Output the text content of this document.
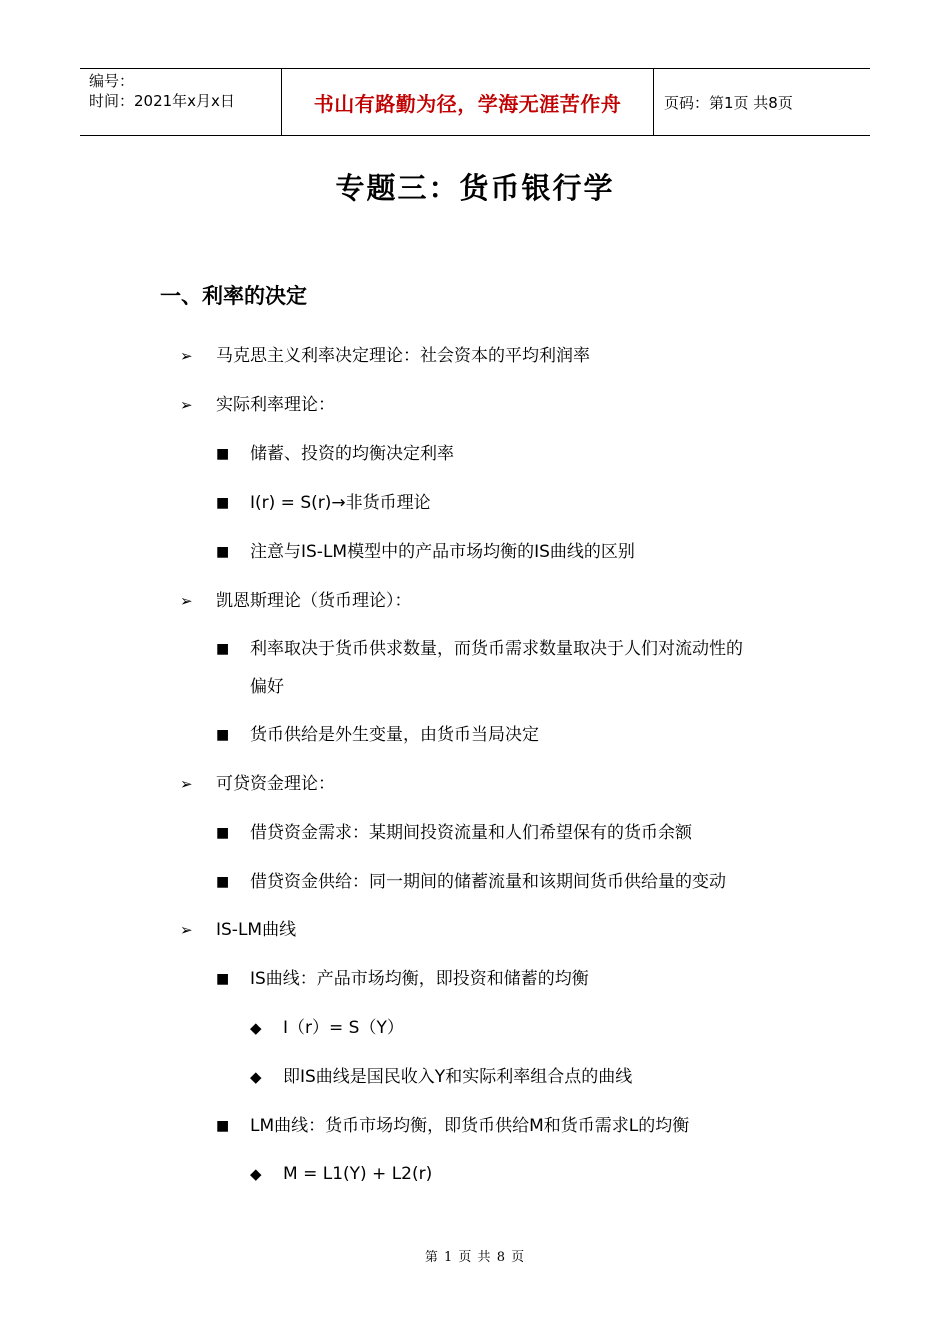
编号：
时间：2021年x月x日	书山有路勤为径，学海无涯苦作舟	页码：第1页 共8页
专题三：货币银行学
一、利率的决定
➢	马克思主义利率决定理论：社会资本的平均利润率
➢	实际利率理论：
■	储蓄、投资的均衡决定利率
■	I(r) = S(r)→非货币理论
■	注意与IS-LM模型中的产品市场均衡的IS曲线的区别
➢	凯恩斯理论（货币理论）：
■	利率取决于货币供求数量，而货币需求数量取决于人们对流动性的
偏好
■	货币供给是外生变量，由货币当局决定
➢	可贷资金理论：
■	借贷资金需求：某期间投资流量和人们希望保有的货币余额
■	借贷资金供给：同一期间的储蓄流量和该期间货币供给量的变动
➢	IS-LM曲线
■	IS曲线：产品市场均衡，即投资和储蓄的均衡
◆	I（r）= S（Y）
◆	即IS曲线是国民收入Y和实际利率组合点的曲线
■	LM曲线：货币市场均衡，即货币供给M和货币需求L的均衡
◆	M = L1(Y) + L2(r)
第 1 页 共 8 页
